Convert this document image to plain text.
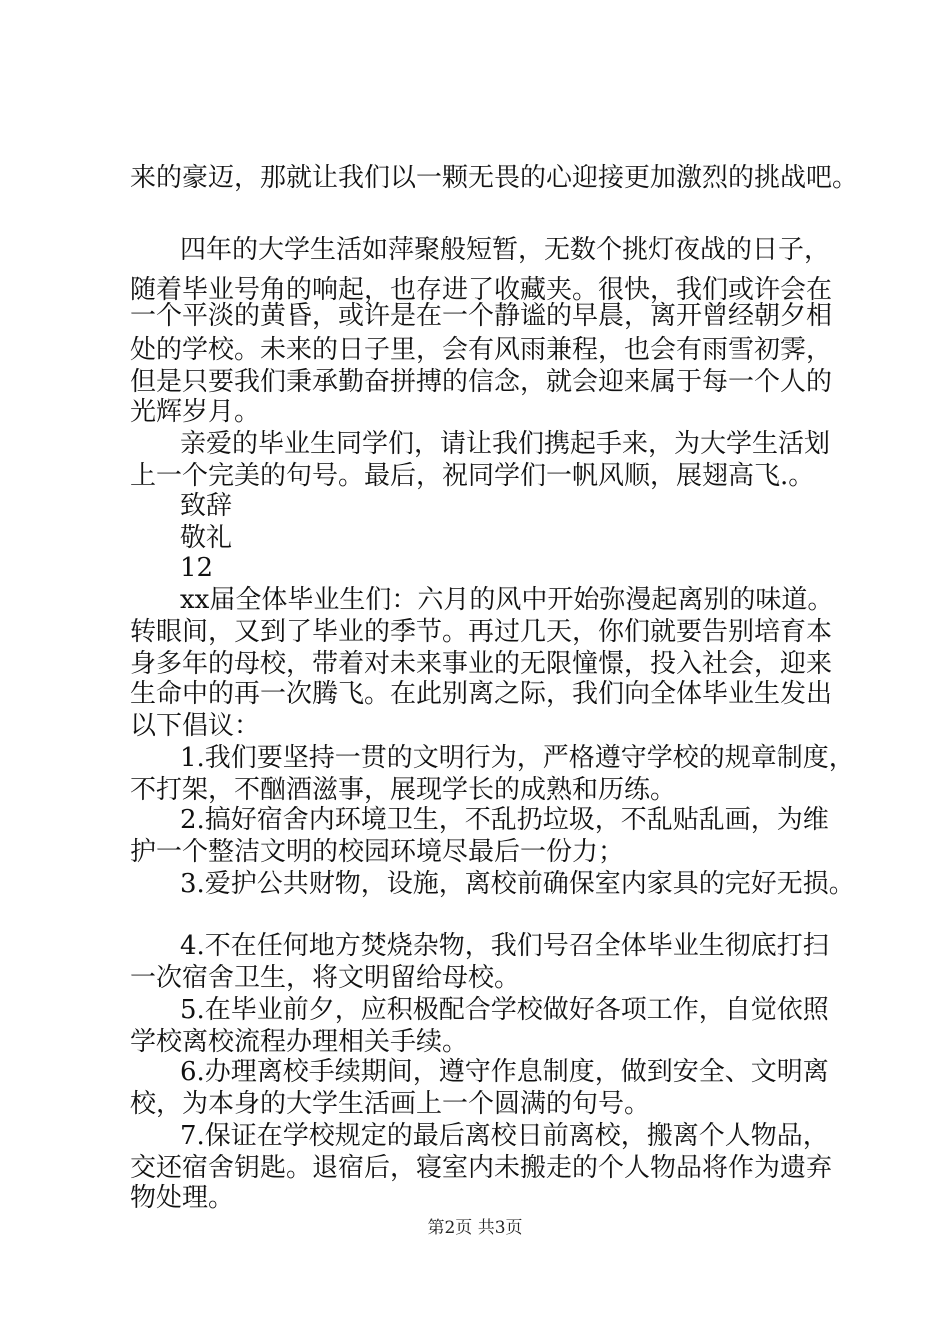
来的豪迈，那就让我们以一颗无畏的心迎接更加激烈的挑战吧。
四年的大学生活如萍聚般短暂，无数个挑灯夜战的日子，
随着毕业号角的响起，也存进了收藏夹。很快，我们或许会在
一个平淡的黄昏，或许是在一个静谧的早晨，离开曾经朝夕相
处的学校。未来的日子里，会有风雨兼程，也会有雨雪初霁，
但是只要我们秉承勤奋拼搏的信念，就会迎来属于每一个人的
光辉岁月。
亲爱的毕业生同学们，请让我们携起手来，为大学生活划
上一个完美的句号。最后，祝同学们一帆风顺，展翅高飞.。
致辞
敬礼
12
xx届全体毕业生们：六月的风中开始弥漫起离别的味道。
转眼间，又到了毕业的季节。再过几天，你们就要告别培育本
身多年的母校，带着对未来事业的无限憧憬，投入社会，迎来
生命中的再一次腾飞。在此别离之际，我们向全体毕业生发出
以下倡议：
1.我们要坚持一贯的文明行为，严格遵守学校的规章制度，
不打架，不酗酒滋事，展现学长的成熟和历练。
2.搞好宿舍内环境卫生，不乱扔垃圾，不乱贴乱画，为维
护一个整洁文明的校园环境尽最后一份力；
3.爱护公共财物，设施，离校前确保室内家具的完好无损。
4.不在任何地方焚烧杂物，我们号召全体毕业生彻底打扫
一次宿舍卫生，将文明留给母校。
5.在毕业前夕，应积极配合学校做好各项工作，自觉依照
学校离校流程办理相关手续。
6.办理离校手续期间，遵守作息制度，做到安全、文明离
校，为本身的大学生活画上一个圆满的句号。
7.保证在学校规定的最后离校日前离校，搬离个人物品，
交还宿舍钥匙。退宿后，寝室内未搬走的个人物品将作为遗弃
物处理。
第2页 共3页
